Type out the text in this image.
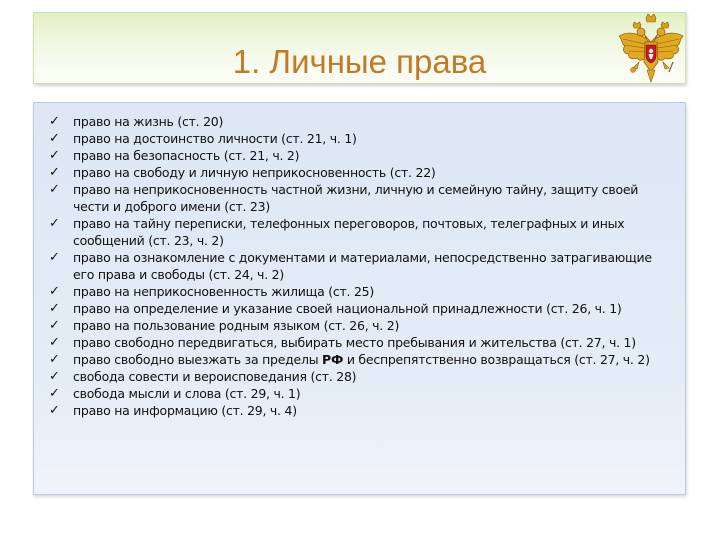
1. Личные права
✓ право на жизнь (ст. 20)
✓ право на достоинство личности (ст. 21, ч. 1)
✓ право на безопасность (ст. 21, ч. 2)
✓ право на свободу и личную неприкосновенность (ст. 22)
✓ право на неприкосновенность частной жизни, личную и семейную тайну, защиту своей чести и доброго имени (ст. 23)
✓ право на тайну переписки, телефонных переговоров, почтовых, телеграфных и иных сообщений (ст. 23, ч. 2)
✓ право на ознакомление с документами и материалами, непосредственно затрагивающие его права и свободы (ст. 24, ч. 2)
✓ право на неприкосновенность жилища (ст. 25)
✓ право на определение и указание своей национальной принадлежности (ст. 26, ч. 1)
✓ право на пользование родным языком (ст. 26, ч. 2)
✓ право свободно передвигаться, выбирать место пребывания и жительства (ст. 27, ч. 1)
✓ право свободно выезжать за пределы РФ и беспрепятственно возвращаться (ст. 27, ч. 2)
✓ свобода совести и вероисповедания (ст. 28)
✓ свобода мысли и слова (ст. 29, ч. 1)
✓ право на информацию (ст. 29, ч. 4)
